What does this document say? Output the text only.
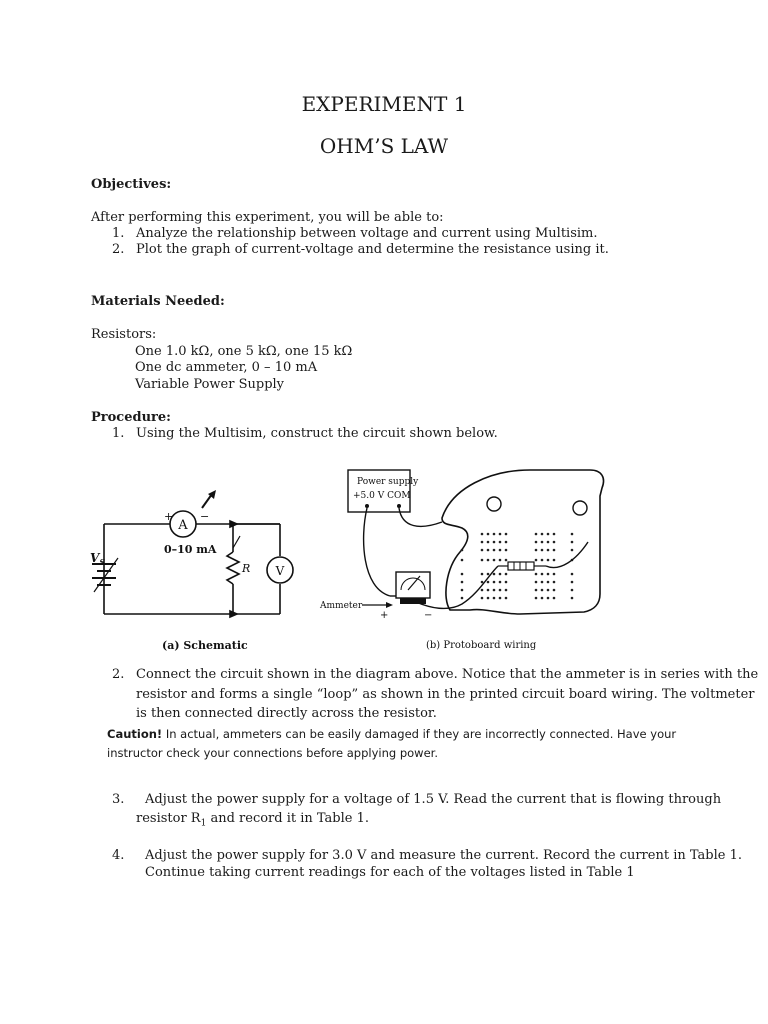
EXPERIMENT 1
OHM’S LAW
Objectives:
After performing this experiment, you will be able to:
1. Analyze the relationship between voltage and current using Multisim.
2. Plot the graph of current-voltage and determine the resistance using it.
Materials Needed:
Resistors:
One 1.0 kΩ, one 5 kΩ, one 15 kΩ
One dc ammeter, 0 – 10 mA
Variable Power Supply
Procedure:
1. Using the Multisim, construct the circuit shown below.
A
+ −
0–10 mA
$V_S$	R V
(a) Schematic
Power supply
+5.0 V COM
Ammeter
+	−
(b) Protoboard wiring
2. Connect the circuit shown in the diagram above. Notice that the ammeter is in series with the
resistor and forms a single “loop” as shown in the printed circuit board wiring. The voltmeter
is then connected directly across the resistor.
Caution! In actual, ammeters can be easily damaged if they are incorrectly connected. Have your
instructor check your connections before applying power.
3. Adjust the power supply for a voltage of 1.5 V. Read the current that is flowing through
resistor $R_1$ and record it in Table 1.
4. Adjust the power supply for 3.0 V and measure the current. Record the current in Table 1.
Continue taking current readings for each of the voltages listed in Table 1
